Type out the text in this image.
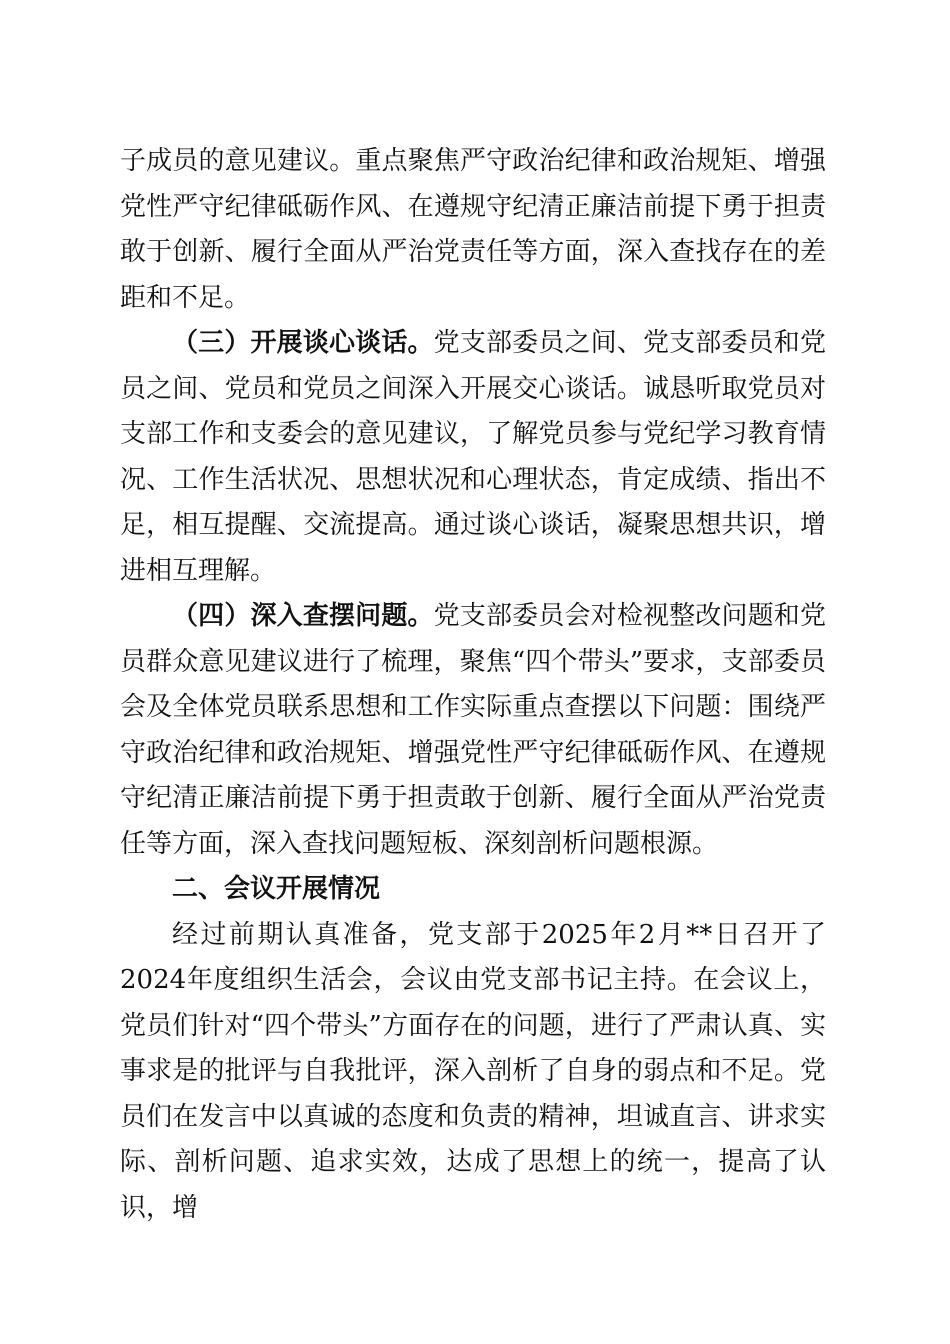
子成员的意见建议。重点聚焦严守政治纪律和政治规矩、增强党性严守纪律砥砺作风、在遵规守纪清正廉洁前提下勇于担责敢于创新、履行全面从严治党责任等方面，深入查找存在的差距和不足。

（三）开展谈心谈话。党支部委员之间、党支部委员和党员之间、党员和党员之间深入开展交心谈话。诚恳听取党员对支部工作和支委会的意见建议，了解党员参与党纪学习教育情况、工作生活状况、思想状况和心理状态，肯定成绩、指出不足，相互提醒、交流提高。通过谈心谈话，凝聚思想共识，增进相互理解。

（四）深入查摆问题。党支部委员会对检视整改问题和党员群众意见建议进行了梳理，聚焦“四个带头”要求，支部委员会及全体党员联系思想和工作实际重点查摆以下问题：围绕严守政治纪律和政治规矩、增强党性严守纪律砥砺作风、在遵规守纪清正廉洁前提下勇于担责敢于创新、履行全面从严治党责任等方面，深入查找问题短板、深刻剖析问题根源。

二、会议开展情况

经过前期认真准备，党支部于2025年2月**日召开了2024年度组织生活会，会议由党支部书记主持。在会议上，党员们针对“四个带头”方面存在的问题，进行了严肃认真、实事求是的批评与自我批评，深入剖析了自身的弱点和不足。党员们在发言中以真诚的态度和负责的精神，坦诚直言、讲求实际、剖析问题、追求实效，达成了思想上的统一，提高了认识，增
